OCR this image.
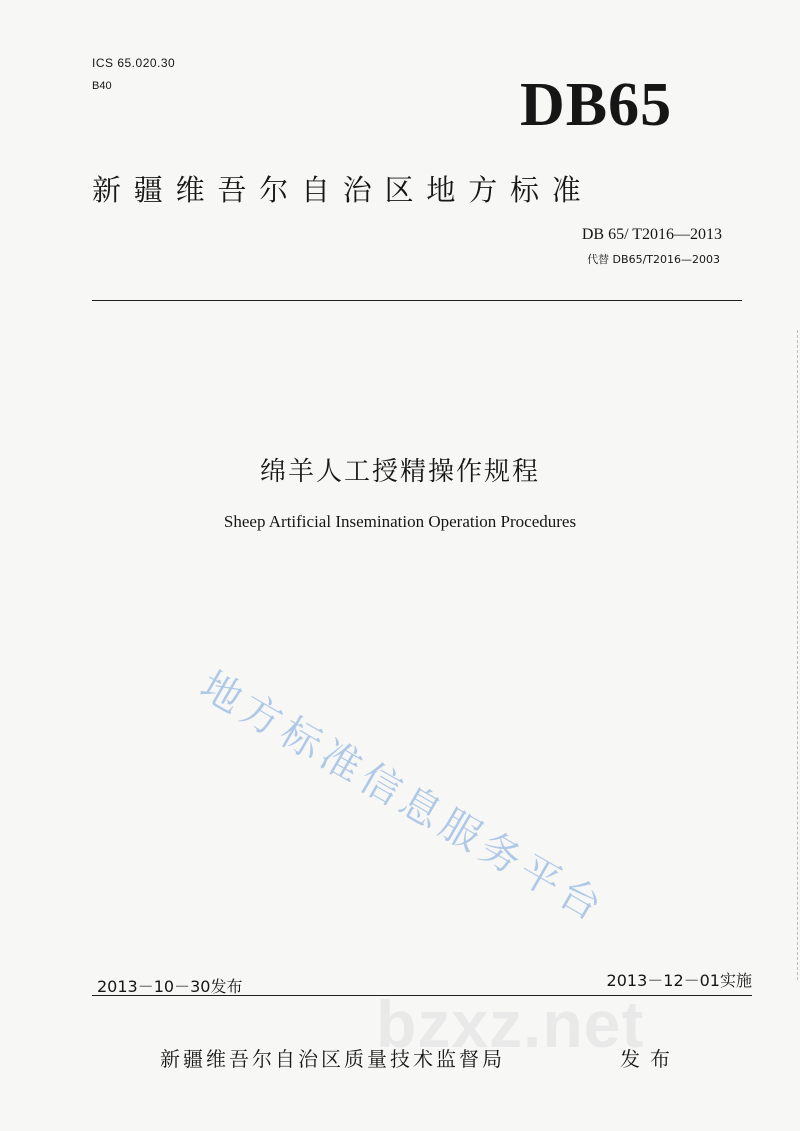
ICS 65.020.30
B40	DB65
新疆维吾尔自治区地方标准
DB 65/ T2016—2013
代替 DB65/T2016—2003
绵羊人工授精操作规程
Sheep Artificial Insemination Operation Procedures
地方标准信息服务平台
2013－10－30发布	2013－12－01实施
bzxz.net
新疆维吾尔自治区质量技术监督局	发布
